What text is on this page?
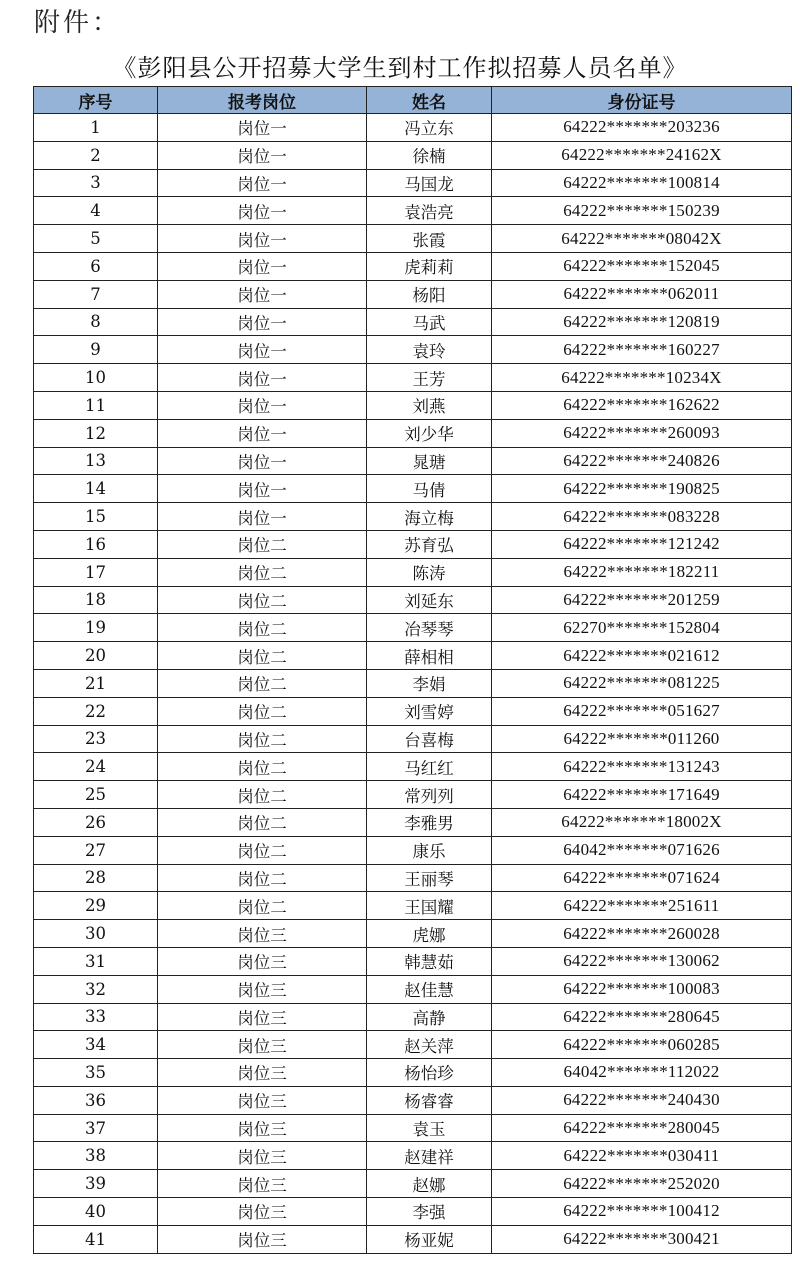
附件：
《彭阳县公开招募大学生到村工作拟招募人员名单》
序号	报考岗位	姓名	身份证号
1	岗位一	冯立东	64222*******203236
2	岗位一	徐楠	64222*******24162X
3	岗位一	马国龙	64222*******100814
4	岗位一	袁浩亮	64222*******150239
5	岗位一	张霞	64222*******08042X
6	岗位一	虎莉莉	64222*******152045
7	岗位一	杨阳	64222*******062011
8	岗位一	马武	64222*******120819
9	岗位一	袁玲	64222*******160227
10	岗位一	王芳	64222*******10234X
11	岗位一	刘燕	64222*******162622
12	岗位一	刘少华	64222*******260093
13	岗位一	晁瑭	64222*******240826
14	岗位一	马倩	64222*******190825
15	岗位一	海立梅	64222*******083228
16	岗位二	苏育弘	64222*******121242
17	岗位二	陈涛	64222*******182211
18	岗位二	刘延东	64222*******201259
19	岗位二	冶琴琴	62270*******152804
20	岗位二	薛相相	64222*******021612
21	岗位二	李娟	64222*******081225
22	岗位二	刘雪婷	64222*******051627
23	岗位二	台喜梅	64222*******011260
24	岗位二	马红红	64222*******131243
25	岗位二	常列列	64222*******171649
26	岗位二	李雅男	64222*******18002X
27	岗位二	康乐	64042*******071626
28	岗位二	王丽琴	64222*******071624
29	岗位二	王国耀	64222*******251611
30	岗位三	虎娜	64222*******260028
31	岗位三	韩慧茹	64222*******130062
32	岗位三	赵佳慧	64222*******100083
33	岗位三	高静	64222*******280645
34	岗位三	赵关萍	64222*******060285
35	岗位三	杨怡珍	64042*******112022
36	岗位三	杨睿睿	64222*******240430
37	岗位三	袁玉	64222*******280045
38	岗位三	赵建祥	64222*******030411
39	岗位三	赵娜	64222*******252020
40	岗位三	李强	64222*******100412
41	岗位三	杨亚妮	64222*******300421
